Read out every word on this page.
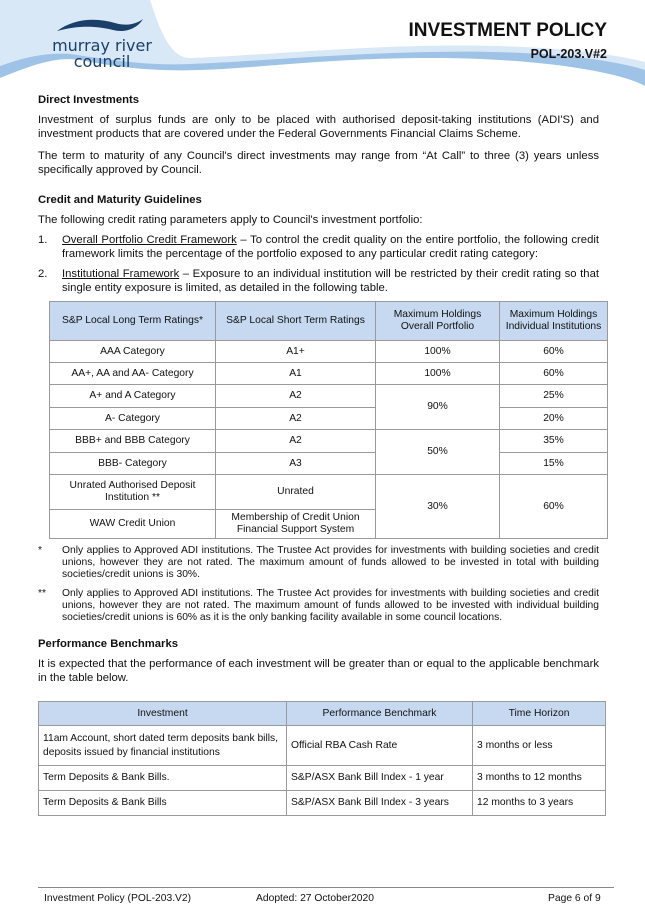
murray river
council
INVESTMENT POLICY
POL-203.V#2
Direct Investments

Investment of surplus funds are only to be placed with authorised deposit-taking institutions (ADI'S) and investment products that are covered under the Federal Governments Financial Claims Scheme.

The term to maturity of any Council's direct investments may range from “At Call” to three (3) years unless specifically approved by Council.

Credit and Maturity Guidelines

The following credit rating parameters apply to Council's investment portfolio:

1. Overall Portfolio Credit Framework – To control the credit quality on the entire portfolio, the following credit framework limits the percentage of the portfolio exposed to any particular credit rating category:
2. Institutional Framework – Exposure to an individual institution will be restricted by their credit rating so that single entity exposure is limited, as detailed in the following table.
S&P Local Long Term Ratings*	S&P Local Short Term Ratings	Maximum Holdings Overall Portfolio	Maximum Holdings Individual Institutions
AAA Category	A1+	100%	60%
AA+, AA and AA- Category	A1	100%	60%
A+ and A Category	A2	90%	25%
A- Category	A2		20%
BBB+ and BBB Category	A2	50%	35%
BBB- Category	A3		15%
Unrated Authorised Deposit Institution **	Unrated	30%	60%
WAW Credit Union	Membership of Credit Union Financial Support System		
* Only applies to Approved ADI institutions. The Trustee Act provides for investments with building societies and credit unions, however they are not rated. The maximum amount of funds allowed to be invested in total with building societies/credit unions is 30%.
** Only applies to Approved ADI institutions. The Trustee Act provides for investments with building societies and credit unions, however they are not rated. The maximum amount of funds allowed to be invested with individual building societies/credit unions is 60% as it is the only banking facility available in some council locations.
Performance Benchmarks

It is expected that the performance of each investment will be greater than or equal to the applicable benchmark in the table below.

Investment	Performance Benchmark	Time Horizon
11am Account, short dated term deposits bank bills, deposits issued by financial institutions	Official RBA Cash Rate	3 months or less
Term Deposits & Bank Bills.	S&P/ASX Bank Bill Index - 1 year	3 months to 12 months
Term Deposits & Bank Bills	S&P/ASX Bank Bill Index - 3 years	12 months to 3 years
Investment Policy (POL-203.V2)	Adopted: 27 October2020	Page 6 of 9
